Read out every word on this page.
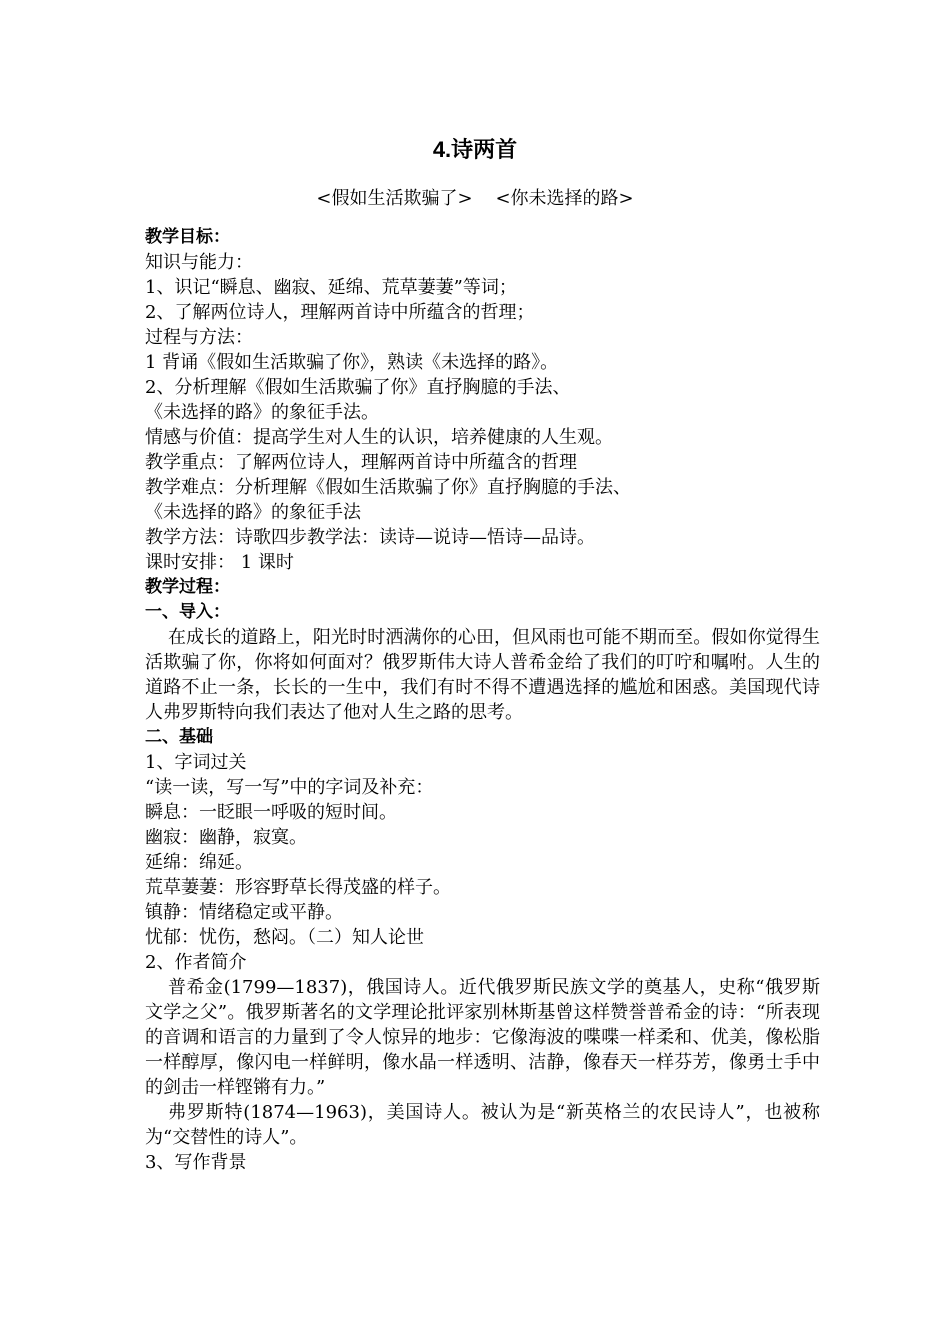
4.诗两首
<假如生活欺骗了>    <你未选择的路>
教学目标：
知识与能力：
1、识记“瞬息、幽寂、延绵、荒草萋萋”等词；
2、了解两位诗人，理解两首诗中所蕴含的哲理；
过程与方法：
1 背诵《假如生活欺骗了你》，熟读《未选择的路》。
2、分析理解《假如生活欺骗了你》直抒胸臆的手法、
《未选择的路》的象征手法。
情感与价值：提高学生对人生的认识，培养健康的人生观。
教学重点：了解两位诗人，理解两首诗中所蕴含的哲理
教学难点：分析理解《假如生活欺骗了你》直抒胸臆的手法、
《未选择的路》的象征手法
教学方法：诗歌四步教学法：读诗—说诗—悟诗—品诗。
课时安排： 1 课时
教学过程：
一、导入：
在成长的道路上，阳光时时洒满你的心田，但风雨也可能不期而至。假如你觉得生活欺骗了你，你将如何面对？俄罗斯伟大诗人普希金给了我们的叮咛和嘱咐。人生的道路不止一条，长长的一生中，我们有时不得不遭遇选择的尴尬和困惑。美国现代诗人弗罗斯特向我们表达了他对人生之路的思考。
二、基础
1、字词过关
“读一读，写一写”中的字词及补充：
瞬息：一眨眼一呼吸的短时间。
幽寂：幽静，寂寞。
延绵：绵延。
荒草萋萋：形容野草长得茂盛的样子。
镇静：情绪稳定或平静。
忧郁：忧伤，愁闷。（二）知人论世
2、作者简介
普希金(1799—1837)，俄国诗人。近代俄罗斯民族文学的奠基人，史称“俄罗斯文学之父”。俄罗斯著名的文学理论批评家别林斯基曾这样赞誉普希金的诗：“所表现的音调和语言的力量到了令人惊异的地步：它像海波的喋喋一样柔和、优美，像松脂一样醇厚，像闪电一样鲜明，像水晶一样透明、洁静，像春天一样芬芳，像勇士手中的剑击一样铿锵有力。”
弗罗斯特(1874—1963)，美国诗人。被认为是“新英格兰的农民诗人”，也被称为“交替性的诗人”。
3、写作背景
